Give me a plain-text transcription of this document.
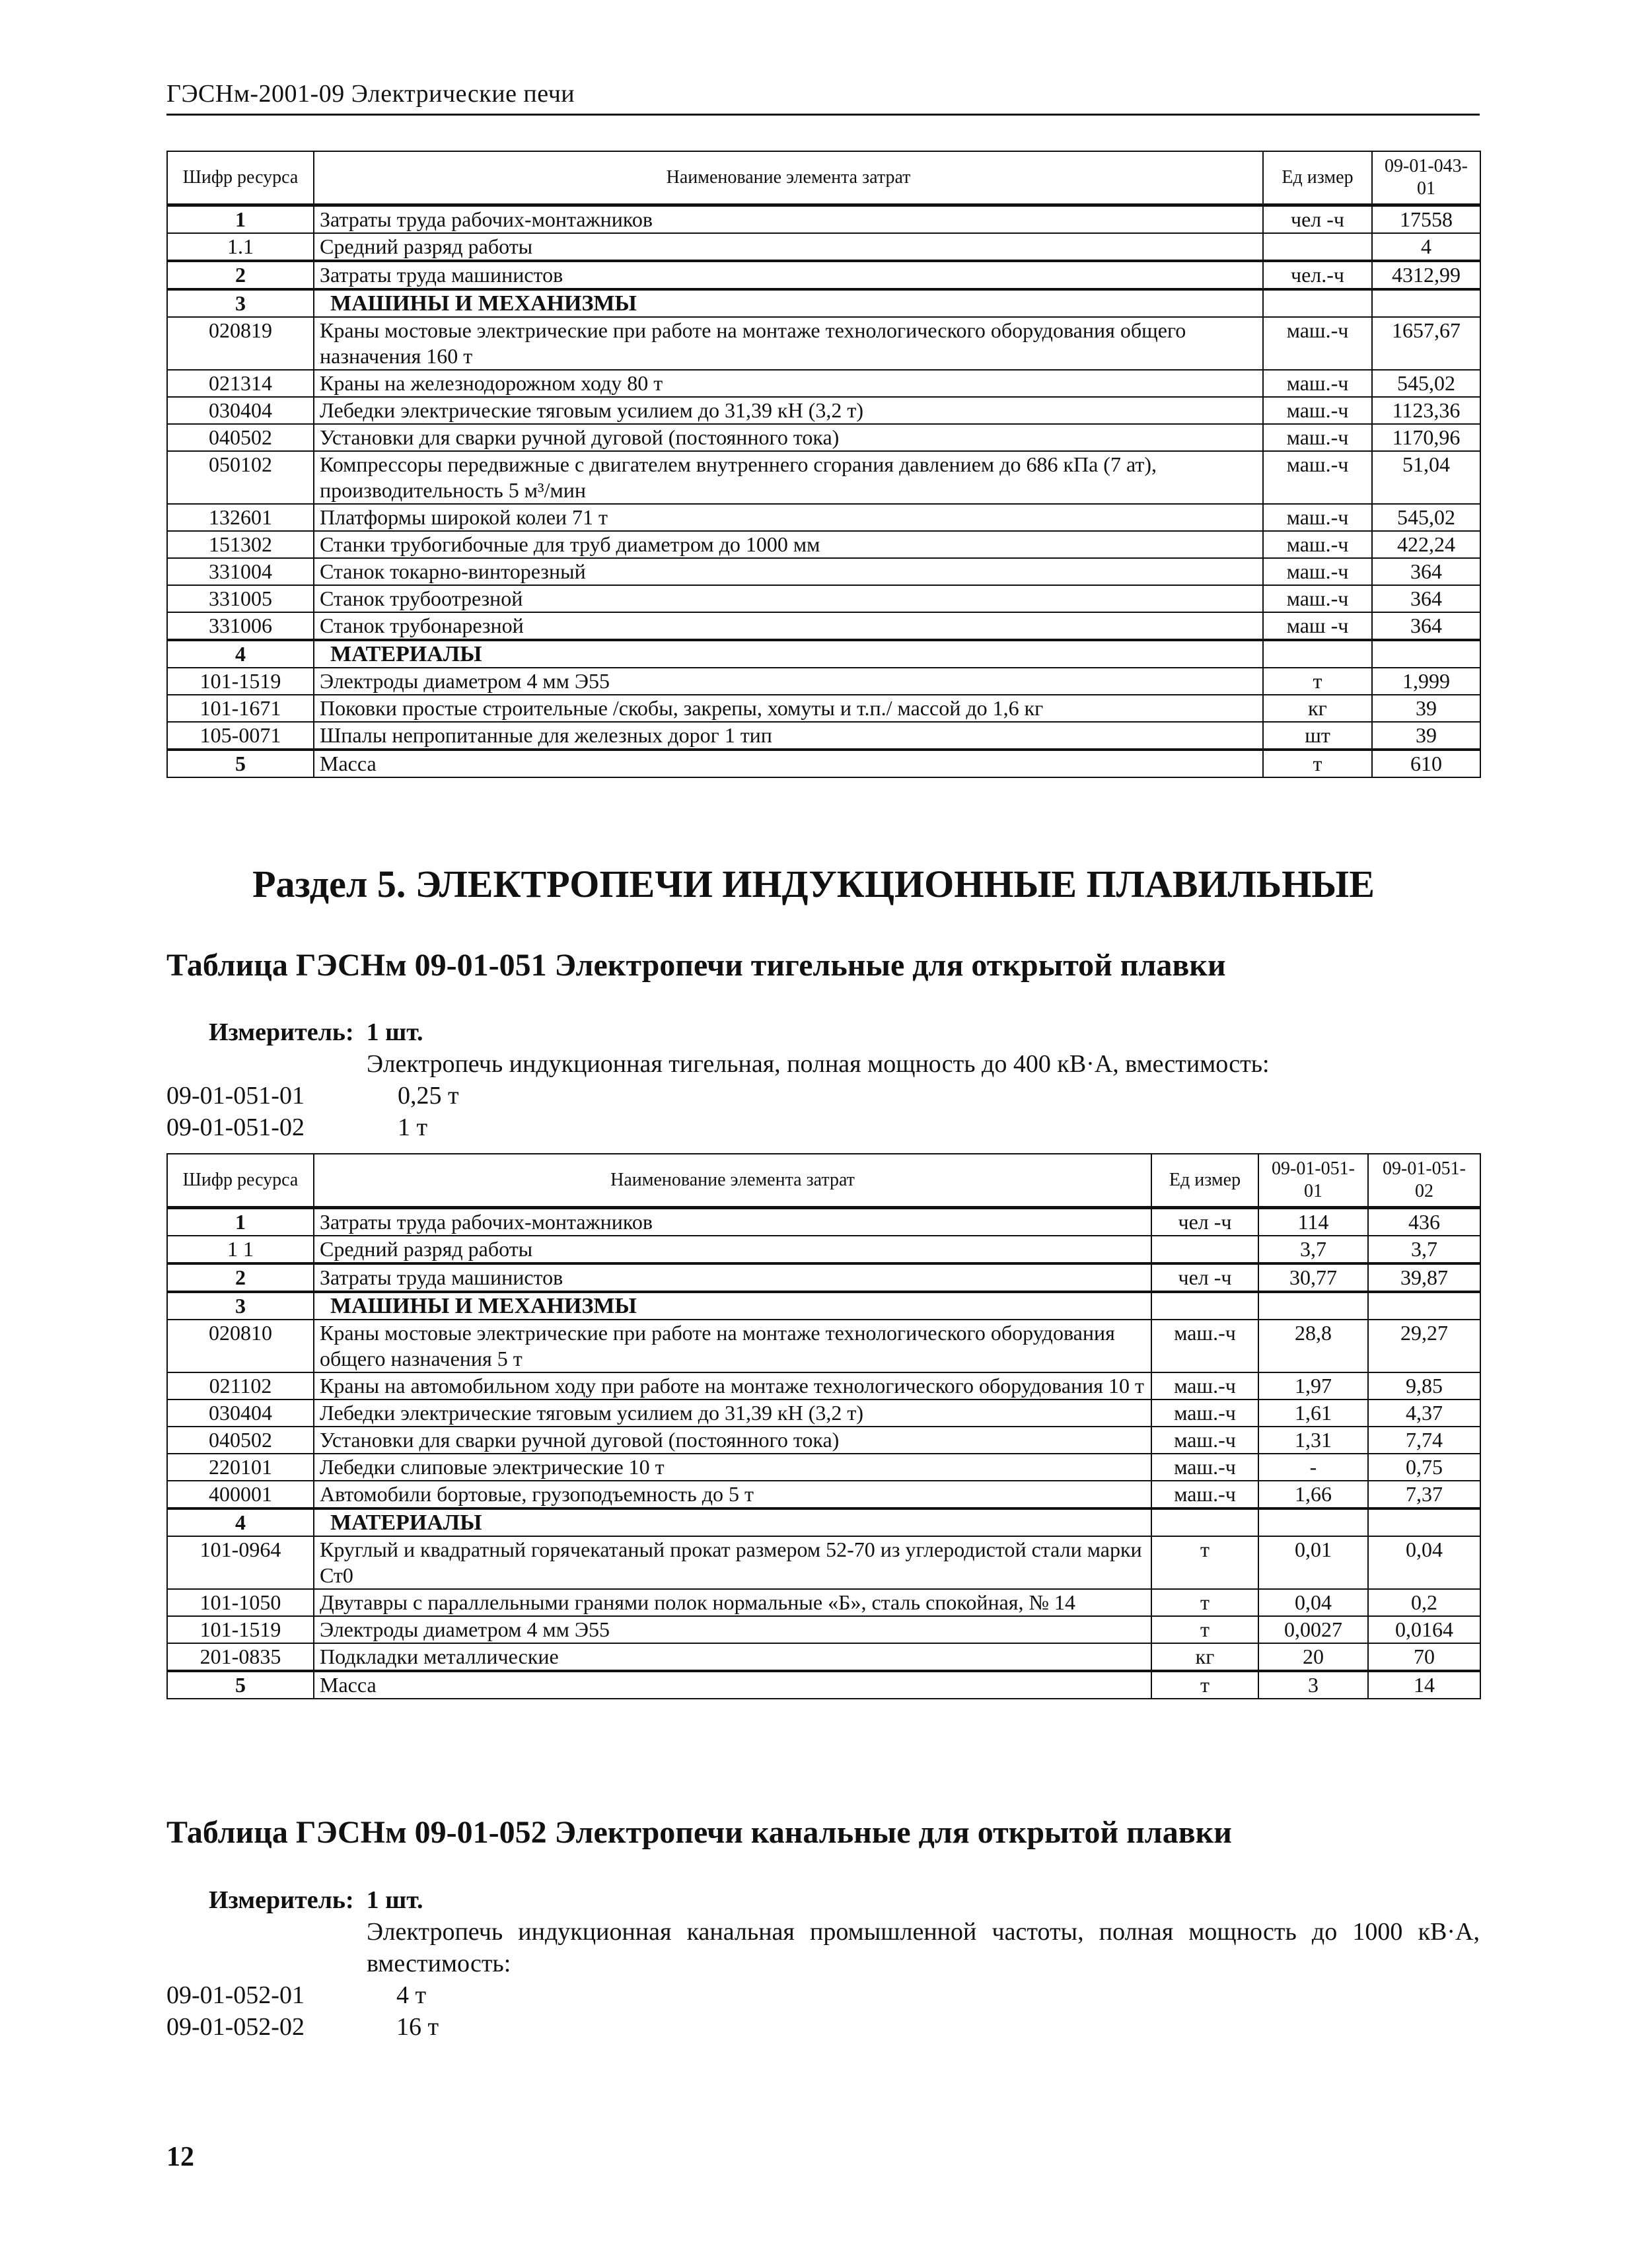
ГЭСНм-2001-09 Электрические печи
Шифр ресурса	Наименование элемента затрат	Ед измер	09-01-043-01
1	Затраты труда рабочих-монтажников	чел -ч	17558
1.1	Средний разряд работы		4
2	Затраты труда машинистов	чел.-ч	4312,99
3	МАШИНЫ И МЕХАНИЗМЫ		
020819	Краны мостовые электрические при работе на монтаже технологического оборудования общего назначения 160 т	маш.-ч	1657,67
021314	Краны на железнодорожном ходу 80 т	маш.-ч	545,02
030404	Лебедки электрические тяговым усилием до 31,39 кН (3,2 т)	маш.-ч	1123,36
040502	Установки для сварки ручной дуговой (постоянного тока)	маш.-ч	1170,96
050102	Компрессоры передвижные с двигателем внутреннего сгорания давлением до 686 кПа (7 ат), производительность 5 м³/мин	маш.-ч	51,04
132601	Платформы широкой колеи 71 т	маш.-ч	545,02
151302	Станки трубогибочные для труб диаметром до 1000 мм	маш.-ч	422,24
331004	Станок токарно-винторезный	маш.-ч	364
331005	Станок трубоотрезной	маш.-ч	364
331006	Станок трубонарезной	маш -ч	364
4	МАТЕРИАЛЫ		
101-1519	Электроды диаметром 4 мм Э55	т	1,999
101-1671	Поковки простые строительные /скобы, закрепы, хомуты и т.п./ массой до 1,6 кг	кг	39
105-0071	Шпалы непропитанные для железных дорог 1 тип	шт	39
5	Масса	т	610
Раздел 5. ЭЛЕКТРОПЕЧИ ИНДУКЦИОННЫЕ ПЛАВИЛЬНЫЕ
Таблица ГЭСНм 09-01-051 Электропечи тигельные для открытой плавки
Измеритель: 1 шт.
Электропечь индукционная тигельная, полная мощность до 400 кВ·А, вместимость:
09-01-051-01	0,25 т
09-01-051-02	1 т
Шифр ресурса	Наименование элемента затрат	Ед измер	09-01-051-01	09-01-051-02
1	Затраты труда рабочих-монтажников	чел -ч	114	436
1 1	Средний разряд работы		3,7	3,7
2	Затраты труда машинистов	чел -ч	30,77	39,87
3	МАШИНЫ И МЕХАНИЗМЫ			
020810	Краны мостовые электрические при работе на монтаже технологического оборудования общего назначения 5 т	маш.-ч	28,8	29,27
021102	Краны на автомобильном ходу при работе на монтаже технологического оборудования 10 т	маш.-ч	1,97	9,85
030404	Лебедки электрические тяговым усилием до 31,39 кН (3,2 т)	маш.-ч	1,61	4,37
040502	Установки для сварки ручной дуговой (постоянного тока)	маш.-ч	1,31	7,74
220101	Лебедки слиповые электрические 10 т	маш.-ч	-	0,75
400001	Автомобили бортовые, грузоподъемность до 5 т	маш.-ч	1,66	7,37
4	МАТЕРИАЛЫ			
101-0964	Круглый и квадратный горячекатаный прокат размером 52-70 из углеродистой стали марки Ст0	т	0,01	0,04
101-1050	Двутавры с параллельными гранями полок нормальные «Б», сталь спокойная, № 14	т	0,04	0,2
101-1519	Электроды диаметром 4 мм Э55	т	0,0027	0,0164
201-0835	Подкладки металлические	кг	20	70
5	Масса	т	3	14
Таблица ГЭСНм 09-01-052 Электропечи канальные для открытой плавки
Измеритель: 1 шт.
Электропечь индукционная канальная промышленной частоты, полная мощность до 1000 кВ·А, вместимость:
09-01-052-01	4 т
09-01-052-02	16 т
12
